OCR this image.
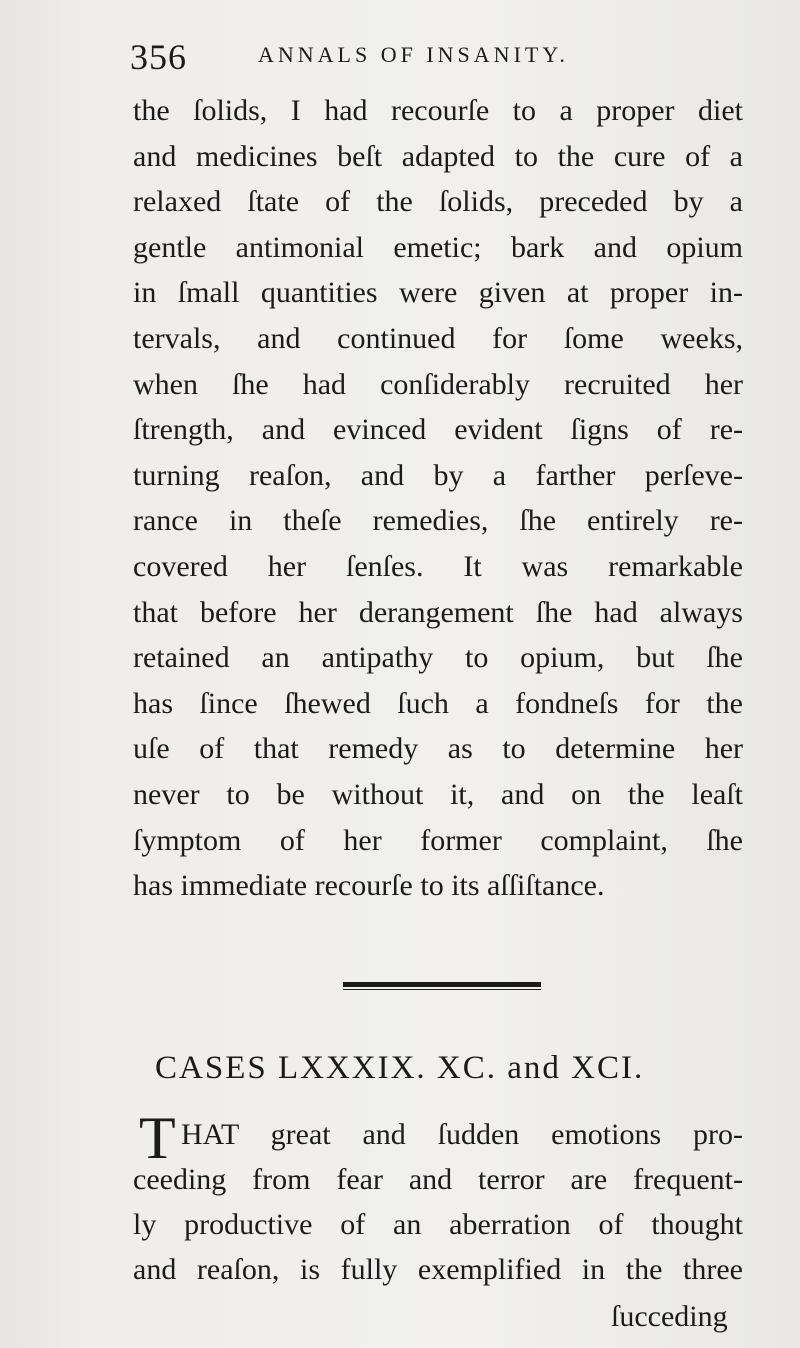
356	ANNALS OF INSANITY.
the ſolids, I had recourſe to a proper diet
and medicines beſt adapted to the cure of a
relaxed ſtate of the ſolids, preceded by a
gentle antimonial emetic; bark and opium
in ſmall quantities were given at proper in-
tervals, and continued for ſome weeks,
when ſhe had conſiderably recruited her
ſtrength, and evinced evident ſigns of re-
turning reaſon, and by a farther perſeve-
rance in theſe remedies, ſhe entirely re-
covered her ſenſes. It was remarkable
that before her derangement ſhe had always
retained an antipathy to opium, but ſhe
has ſince ſhewed ſuch a fondneſs for the
uſe of that remedy as to determine her
never to be without it, and on the leaſt
ſymptom of her former complaint, ſhe
has immediate recourſe to its aſſiſtance.
CASES LXXXIX. XC. and XCI.
T HAT great and ſudden emotions pro-
ceeding from fear and terror are frequent-
ly productive of an aberration of thought
and reaſon, is fully exemplified in the three
ſucceding
